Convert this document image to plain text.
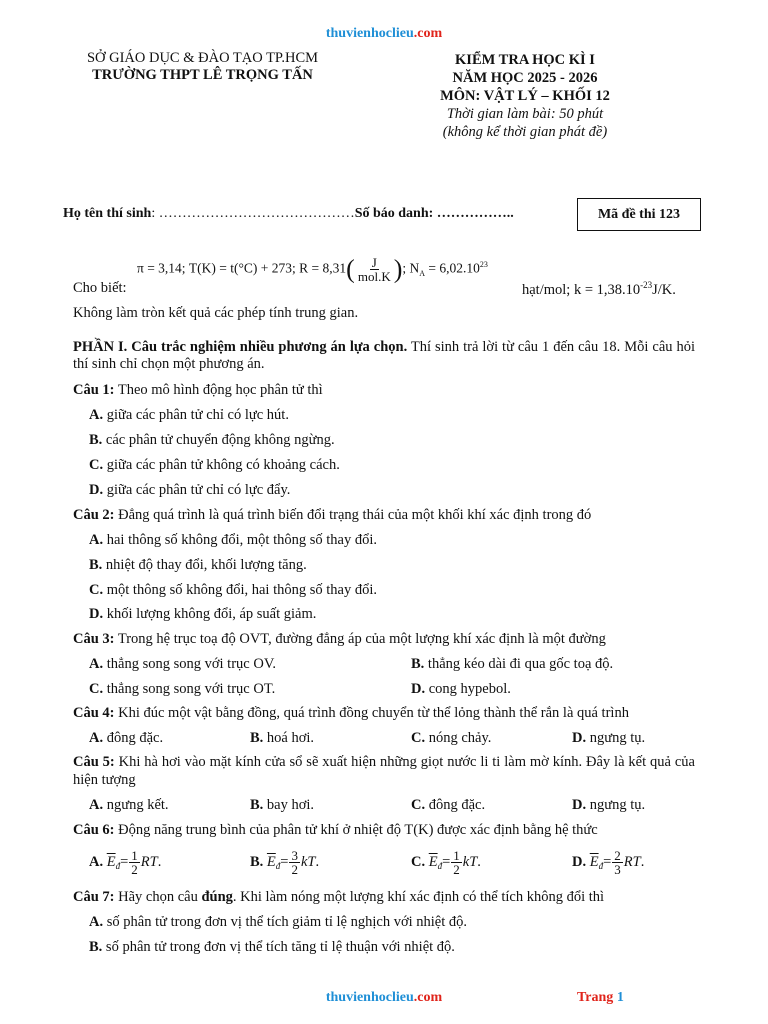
thuvienhoclieu.com
SỞ GIÁO DỤC & ĐÀO TẠO TP.HCM
TRƯỜNG THPT LÊ TRỌNG TẤN
KIỂM TRA HỌC KÌ I
NĂM HỌC 2025 - 2026
MÔN: VẬT LÝ – KHỐI 12
Thời gian làm bài: 50 phút
(không kể thời gian phát đề)
Họ tên thí sinh: ……………………………………Số báo danh: ……………..	Mã đề thi 123
π = 3,14; T(K) = t(°C) + 273; $R = 8,31( \frac{J}{\text{mol.K}}$ ); $N_A = 6,02.10^{23}$
Cho biết:	hạt/mol; $k = 1,38.10^{-23}J/K$.
Không làm tròn kết quả các phép tính trung gian.
PHẦN I. Câu trắc nghiệm nhiều phương án lựa chọn. Thí sinh trả lời từ câu 1 đến câu 18. Mỗi câu hỏi thí sinh chỉ chọn một phương án.
Câu 1: Theo mô hình động học phân tử thì
A. giữa các phân tử chỉ có lực hút.
B. các phân tử chuyển động không ngừng.
C. giữa các phân tử không có khoảng cách.
D. giữa các phân tử chỉ có lực đẩy.
Câu 2: Đẳng quá trình là quá trình biến đổi trạng thái của một khối khí xác định trong đó
A. hai thông số không đổi, một thông số thay đổi.
B. nhiệt độ thay đổi, khối lượng tăng.
C. một thông số không đổi, hai thông số thay đổi.
D. khối lượng không đổi, áp suất giảm.
Câu 3: Trong hệ trục toạ độ OVT, đường đẳng áp của một lượng khí xác định là một đường
A. thẳng song song với trục OV.	B. thẳng kéo dài đi qua gốc toạ độ.
C. thẳng song song với trục OT.	D. cong hypebol.
Câu 4: Khi đúc một vật bằng đồng, quá trình đồng chuyển từ thể lỏng thành thể rắn là quá trình
A. đông đặc.	B. hoá hơi.	C. nóng chảy.	D. ngưng tụ.
Câu 5: Khi hà hơi vào mặt kính cửa sổ sẽ xuất hiện những giọt nước li ti làm mờ kính. Đây là kết quả của hiện tượng
A. ngưng kết.	B. bay hơi.	C. đông đặc.	D. ngưng tụ.
Câu 6: Động năng trung bình của phân tử khí ở nhiệt độ T(K) được xác định bằng hệ thức
A. $\overline{E}_đ= \frac{1}{2}$ RT.	B. $\overline{E}_đ= \frac{3}{2}$ kT.	C. $\overline{E}_đ= \frac{1}{2}$ kT.	D. $\overline{E}_đ= \frac{2}{3}$ RT.
Câu 7: Hãy chọn câu đúng. Khi làm nóng một lượng khí xác định có thể tích không đổi thì
A. số phân tử trong đơn vị thể tích giảm tỉ lệ nghịch với nhiệt độ.
B. số phân tử trong đơn vị thể tích tăng tỉ lệ thuận với nhiệt độ.
thuvienhoclieu.com	Trang 1
